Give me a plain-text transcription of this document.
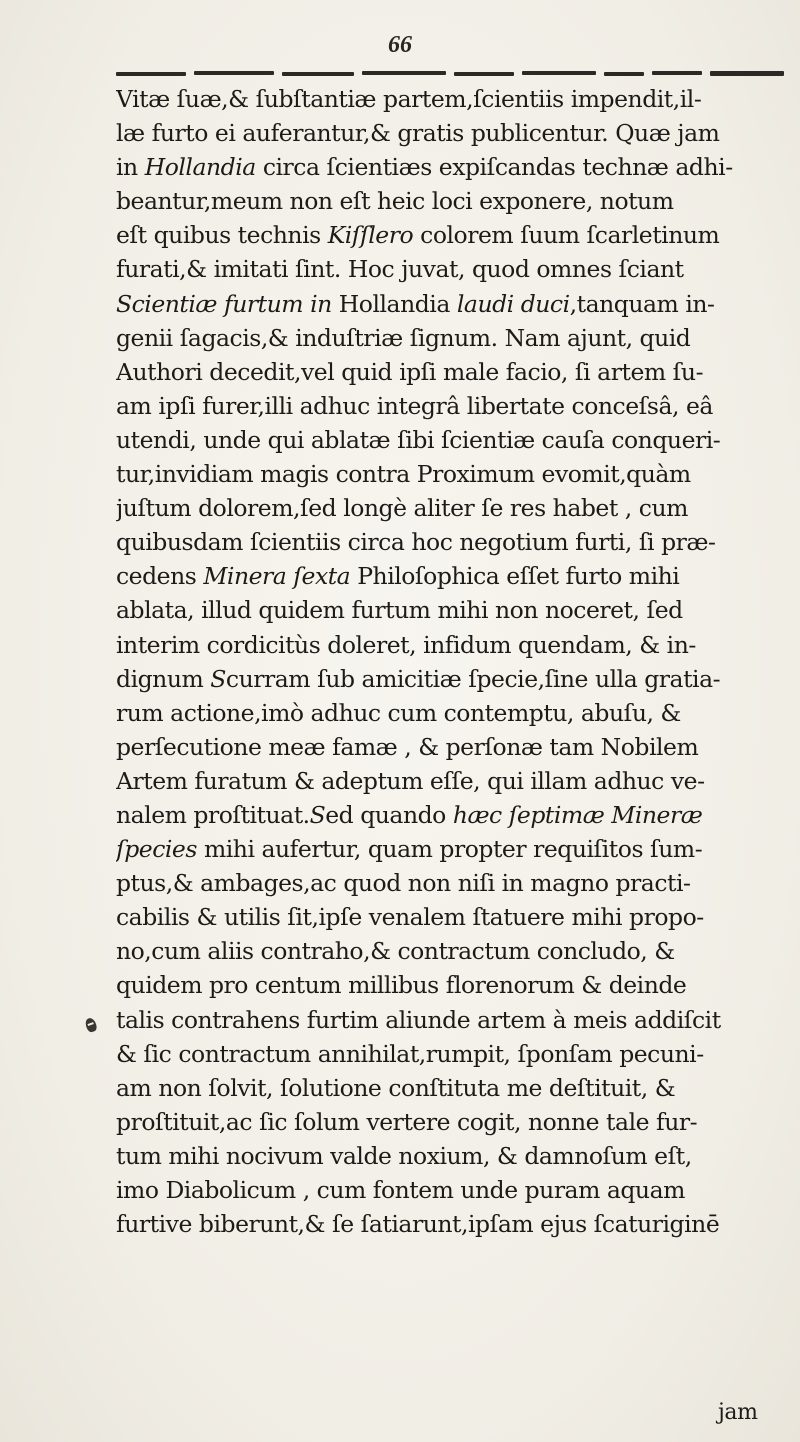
66
Vitæ ſuæ,& ſubſtantiæ partem,ſcientiis impendit,il-
læ furto ei auferantur,& gratis publicentur. Quæ jam
in Hollandia circa ſcientiæs expiſcandas technæ adhi-
beantur,meum non eſt heic loci exponere, notum
eſt quibus technis Kiſſlero colorem ſuum ſcarletinum
furati,& imitati ſint. Hoc juvat, quod omnes ſciant
Scientiæ furtum in Hollandia laudi duci,tanquam in-
genii ſagacis,& induſtriæ ſignum. Nam ajunt, quid
Authori decedit,vel quid ipſi male facio, ſi artem ſu-
am ipſi furer,illi adhuc integrâ libertate conceſsâ, eâ
utendi, unde qui ablatæ ſibi ſcientiæ cauſa conqueri-
tur,invidiam magis contra Proximum evomit,quàm
juſtum dolorem,ſed longè aliter ſe res habet , cum
quibusdam ſcientiis circa hoc negotium furti, ſi præ-
cedens Minera ſexta Philoſophica eſſet furto mihi
ablata, illud quidem furtum mihi non noceret, ſed
interim cordicitùs doleret, infidum quendam, & in-
dignum Scurram ſub amicitiæ ſpecie,ſine ulla gratia-
rum actione,imò adhuc cum contemptu, abuſu, &
perſecutione meæ famæ , & perſonæ tam Nobilem
Artem furatum & adeptum eſſe, qui illam adhuc ve-
nalem proſtituat.Sed quando hæc ſeptimæ Mineræ
ſpecies mihi aufertur, quam propter requiſitos ſum-
ptus,& ambages,ac quod non niſi in magno practi-
cabilis & utilis ſit,ipſe venalem ſtatuere mihi propo-
no,cum aliis contraho,& contractum concludo, &
quidem pro centum millibus florenorum & deinde
talis contrahens furtim aliunde artem à meis addiſcit
& ſic contractum annihilat,rumpit, ſponſam pecuni-
am non ſolvit, ſolutione conſtituta me deſtituit, &
proſtituit,ac ſic ſolum vertere cogit, nonne tale fur-
tum mihi nocivum valde noxium, & damnoſum eſt,
imo Diabolicum , cum fontem unde puram aquam
furtive biberunt,& ſe ſatiarunt,ipſam ejus ſcaturiginē
jam
